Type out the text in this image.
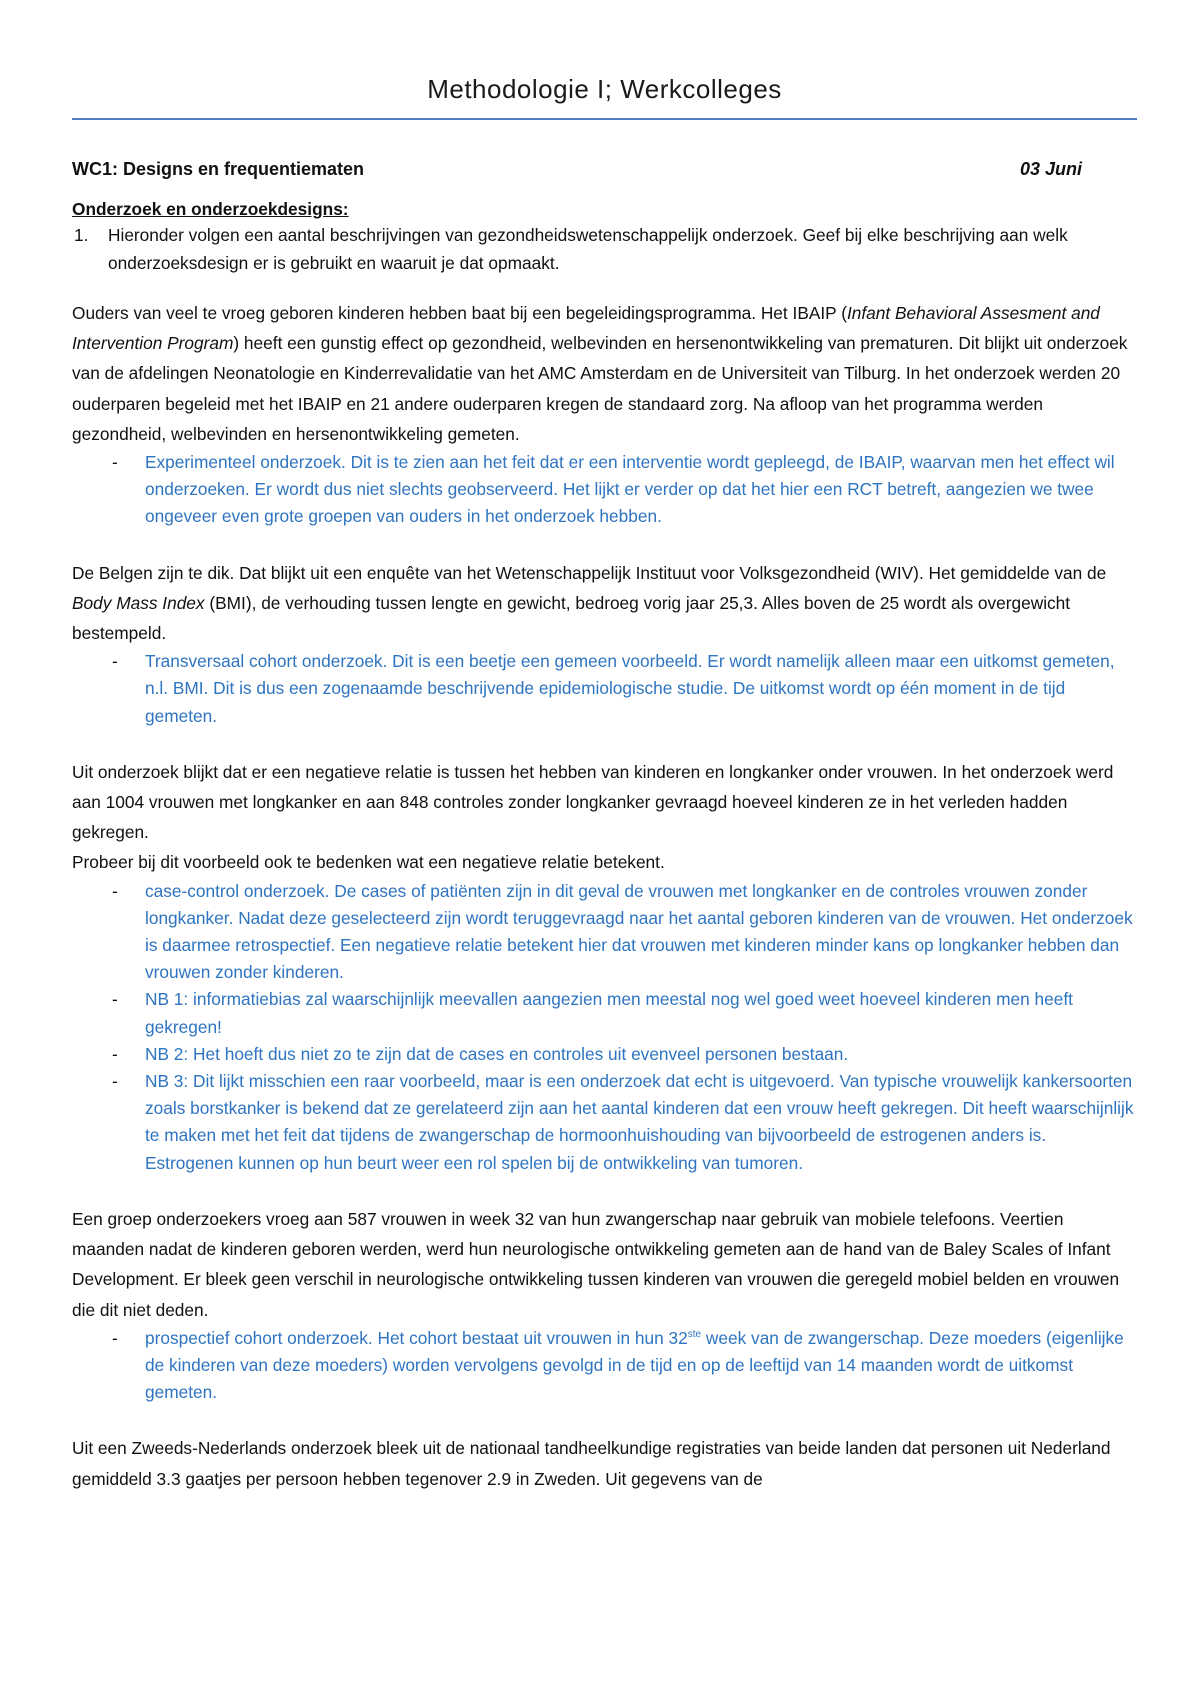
Methodologie I; Werkcolleges
WC1: Designs en frequentiematen	03 Juni
Onderzoek en onderzoekdesigns:
1.	Hieronder volgen een aantal beschrijvingen van gezondheidswetenschappelijk onderzoek. Geef bij elke beschrijving aan welk onderzoeksdesign er is gebruikt en waaruit je dat opmaakt.

Ouders van veel te vroeg geboren kinderen hebben baat bij een begeleidingsprogramma. Het IBAIP (Infant Behavioral Assesment and Intervention Program) heeft een gunstig effect op gezondheid, welbevinden en hersenontwikkeling van prematuren. Dit blijkt uit onderzoek van de afdelingen Neonatologie en Kinderrevalidatie van het AMC Amsterdam en de Universiteit van Tilburg. In het onderzoek werden 20 ouderparen begeleid met het IBAIP en 21 andere ouderparen kregen de standaard zorg. Na afloop van het programma werden gezondheid, welbevinden en hersenontwikkeling gemeten.

-	Experimenteel onderzoek. Dit is te zien aan het feit dat er een interventie wordt gepleegd, de IBAIP, waarvan men het effect wil onderzoeken. Er wordt dus niet slechts geobserveerd. Het lijkt er verder op dat het hier een RCT betreft, aangezien we twee ongeveer even grote groepen van ouders in het onderzoek hebben.

De Belgen zijn te dik. Dat blijkt uit een enquête van het Wetenschappelijk Instituut voor Volksgezondheid (WIV). Het gemiddelde van de Body Mass Index (BMI), de verhouding tussen lengte en gewicht, bedroeg vorig jaar 25,3. Alles boven de 25 wordt als overgewicht bestempeld.

-	Transversaal cohort onderzoek. Dit is een beetje een gemeen voorbeeld. Er wordt namelijk alleen maar een uitkomst gemeten, n.l. BMI. Dit is dus een zogenaamde beschrijvende epidemiologische studie. De uitkomst wordt op één moment in de tijd gemeten.

Uit onderzoek blijkt dat er een negatieve relatie is tussen het hebben van kinderen en longkanker onder vrouwen. In het onderzoek werd aan 1004 vrouwen met longkanker en aan 848 controles zonder longkanker gevraagd hoeveel kinderen ze in het verleden hadden gekregen.

Probeer bij dit voorbeeld ook te bedenken wat een negatieve relatie betekent.

-	case-control onderzoek. De cases of patiënten zijn in dit geval de vrouwen met longkanker en de controles vrouwen zonder longkanker. Nadat deze geselecteerd zijn wordt teruggevraagd naar het aantal geboren kinderen van de vrouwen. Het onderzoek is daarmee retrospectief. Een negatieve relatie betekent hier dat vrouwen met kinderen minder kans op longkanker hebben dan vrouwen zonder kinderen.
-	NB 1: informatiebias zal waarschijnlijk meevallen aangezien men meestal nog wel goed weet hoeveel kinderen men heeft gekregen!
-	NB 2: Het hoeft dus niet zo te zijn dat de cases en controles uit evenveel personen bestaan.
-	NB 3: Dit lijkt misschien een raar voorbeeld, maar is een onderzoek dat echt is uitgevoerd. Van typische vrouwelijk kankersoorten zoals borstkanker is bekend dat ze gerelateerd zijn aan het aantal kinderen dat een vrouw heeft gekregen. Dit heeft waarschijnlijk te maken met het feit dat tijdens de zwangerschap de hormoonhuishouding van bijvoorbeeld de estrogenen anders is. Estrogenen kunnen op hun beurt weer een rol spelen bij de ontwikkeling van tumoren.

Een groep onderzoekers vroeg aan 587 vrouwen in week 32 van hun zwangerschap naar gebruik van mobiele telefoons. Veertien maanden nadat de kinderen geboren werden, werd hun neurologische ontwikkeling gemeten aan de hand van de Baley Scales of Infant Development. Er bleek geen verschil in neurologische ontwikkeling tussen kinderen van vrouwen die geregeld mobiel belden en vrouwen die dit niet deden.

-	prospectief cohort onderzoek. Het cohort bestaat uit vrouwen in hun 32ste week van de zwangerschap. Deze moeders (eigenlijke de kinderen van deze moeders) worden vervolgens gevolgd in de tijd en op de leeftijd van 14 maanden wordt de uitkomst gemeten.

Uit een Zweeds-Nederlands onderzoek bleek uit de nationaal tandheelkundige registraties van beide landen dat personen uit Nederland gemiddeld 3.3 gaatjes per persoon hebben tegenover 2.9 in Zweden. Uit gegevens van de
